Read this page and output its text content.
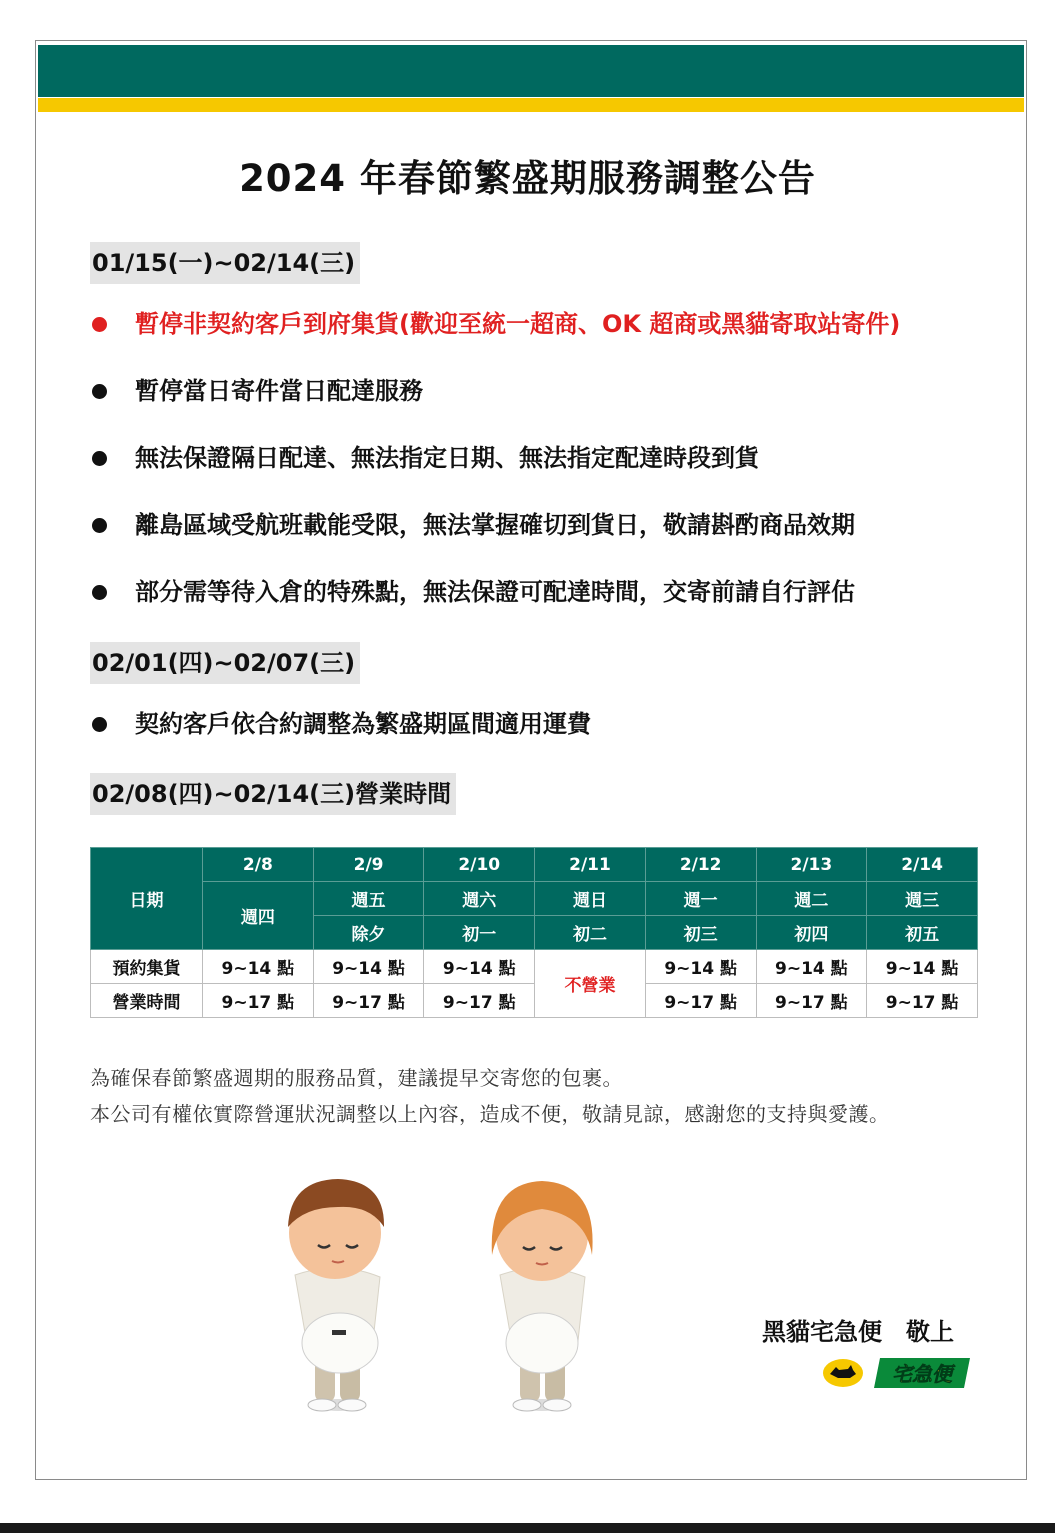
2024 年春節繁盛期服務調整公告
01/15(一)~02/14(三)
暫停非契約客戶到府集貨(歡迎至統一超商、OK 超商或黑貓寄取站寄件)
暫停當日寄件當日配達服務
無法保證隔日配達、無法指定日期、無法指定配達時段到貨
離島區域受航班載能受限，無法掌握確切到貨日，敬請斟酌商品效期
部分需等待入倉的特殊點，無法保證可配達時間，交寄前請自行評估
02/01(四)~02/07(三)
契約客戶依合約調整為繁盛期區間適用運費
02/08(四)~02/14(三)營業時間
日期	2/8	2/9	2/10	2/11	2/12	2/13	2/14
	週四	週五	週六	週日	週一	週二	週三
		除夕	初一	初二	初三	初四	初五
預約集貨	9~14 點	9~14 點	9~14 點	不營業	9~14 點	9~14 點	9~14 點
營業時間	9~17 點	9~17 點	9~17 點		9~17 點	9~17 點	9~17 點
為確保春節繁盛週期的服務品質，建議提早交寄您的包裹。
本公司有權依實際營運狀況調整以上內容，造成不便，敬請見諒，感謝您的支持與愛護。
黑貓宅急便　敬上
宅急便
